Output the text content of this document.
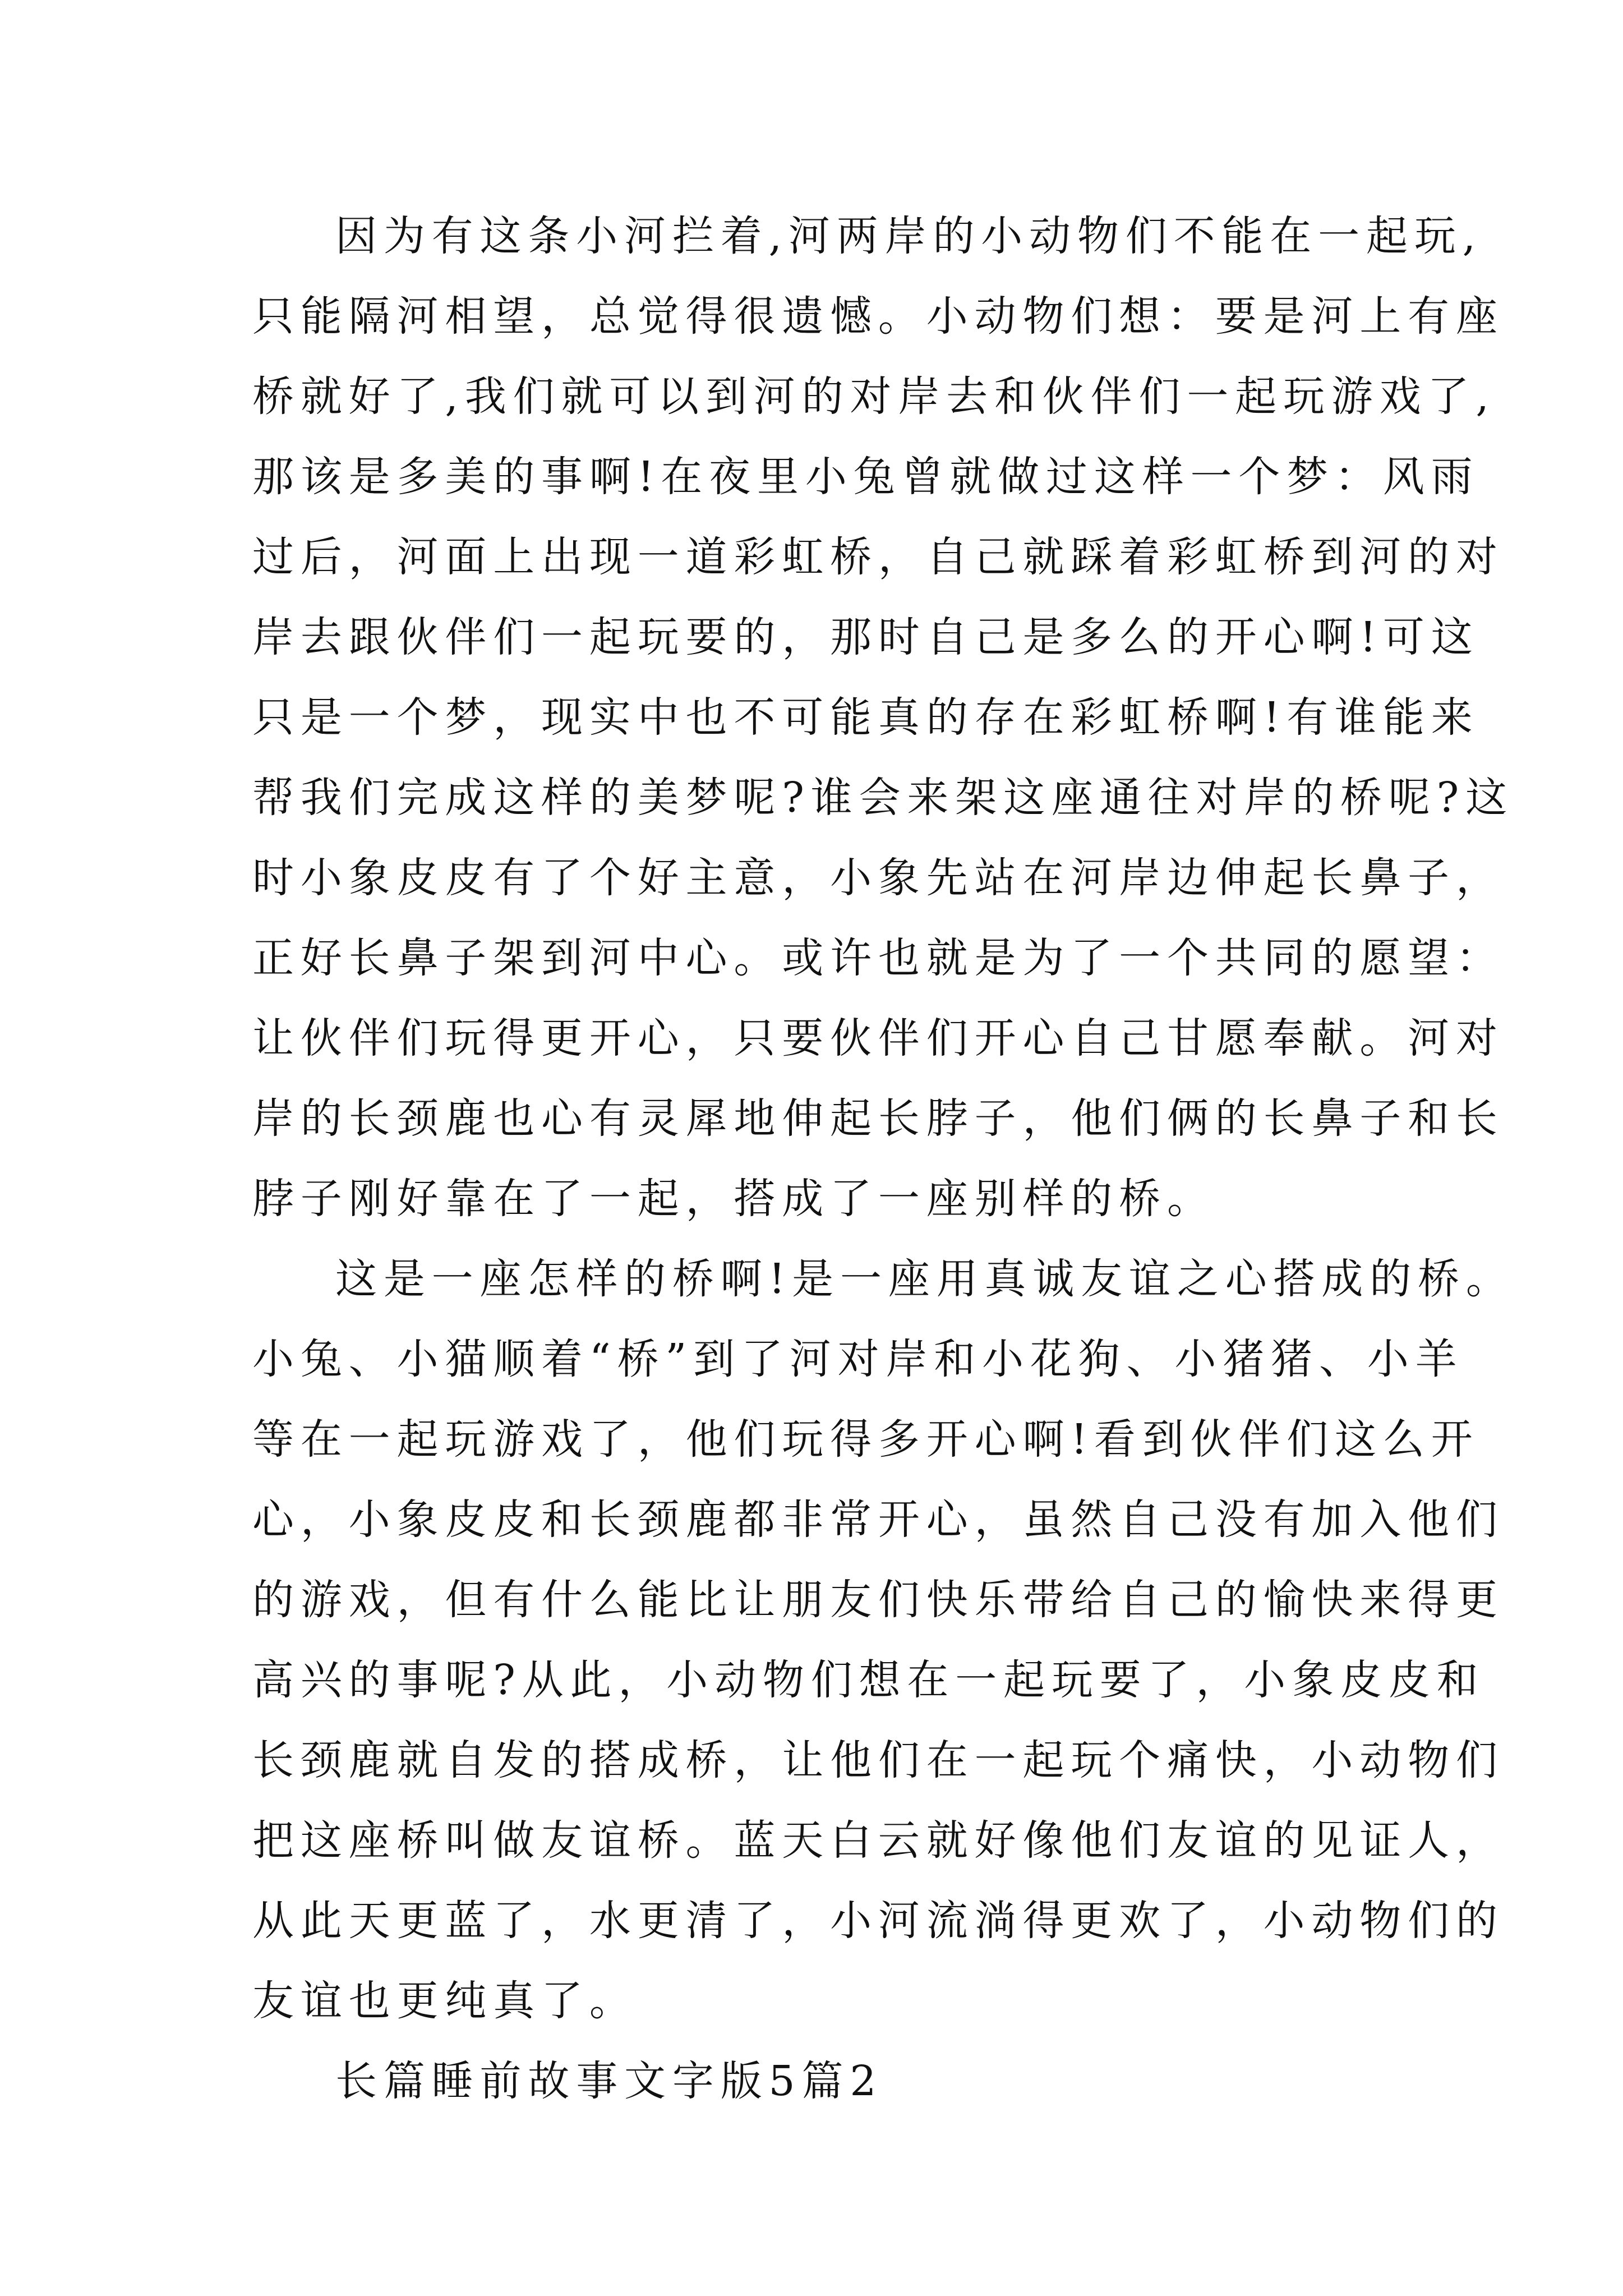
因为有这条小河拦着,河两岸的小动物们不能在一起玩,
只能隔河相望，总觉得很遗憾。小动物们想：要是河上有座
桥就好了,我们就可以到河的对岸去和伙伴们一起玩游戏了,
那该是多美的事啊!在夜里小兔曾就做过这样一个梦：风雨
过后，河面上出现一道彩虹桥，自己就踩着彩虹桥到河的对
岸去跟伙伴们一起玩要的，那时自己是多么的开心啊!可这
只是一个梦，现实中也不可能真的存在彩虹桥啊!有谁能来
帮我们完成这样的美梦呢?谁会来架这座通往对岸的桥呢?这
时小象皮皮有了个好主意，小象先站在河岸边伸起长鼻子，
正好长鼻子架到河中心。或许也就是为了一个共同的愿望：
让伙伴们玩得更开心，只要伙伴们开心自己甘愿奉献。河对
岸的长颈鹿也心有灵犀地伸起长脖子，他们俩的长鼻子和长
脖子刚好靠在了一起，搭成了一座别样的桥。
这是一座怎样的桥啊!是一座用真诚友谊之心搭成的桥。
小兔、小猫顺着“桥”到了河对岸和小花狗、小猪猪、小羊
等在一起玩游戏了，他们玩得多开心啊!看到伙伴们这么开
心，小象皮皮和长颈鹿都非常开心，虽然自己没有加入他们
的游戏，但有什么能比让朋友们快乐带给自己的愉快来得更
高兴的事呢?从此，小动物们想在一起玩要了，小象皮皮和
长颈鹿就自发的搭成桥，让他们在一起玩个痛快，小动物们
把这座桥叫做友谊桥。蓝天白云就好像他们友谊的见证人，
从此天更蓝了，水更清了，小河流淌得更欢了，小动物们的
友谊也更纯真了。
长篇睡前故事文字版5篇2
